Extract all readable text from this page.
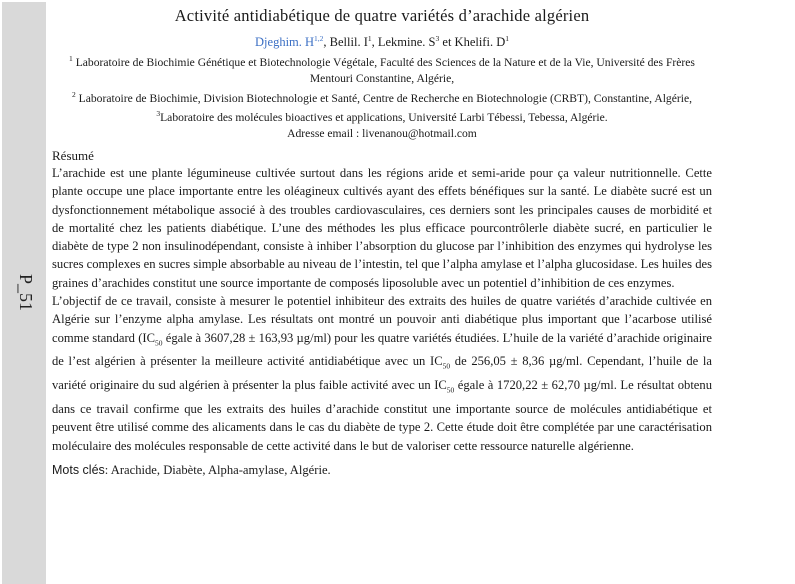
P_51
Activité antidiabétique de quatre variétés d’arachide algérien
Djeghim. H$^{1,2}$, Bellil. $I^1$, Lekmine. $S^3$ et Khelifi. $D^1$

$^1$ Laboratoire de Biochimie Génétique et Biotechnologie Végétale, Faculté des Sciences de la Nature et de la Vie, Université des Frères Mentouri Constantine, Algérie,

$^2$ Laboratoire de Biochimie, Division Biotechnologie et Santé, Centre de Recherche en Biotechnologie (CRBT), Constantine, Algérie, $^3$Laboratoire des molécules bioactives et applications, Université Larbi Tébessi, Tebessa, Algérie.

Adresse email : livenanou@hotmail.com
Résumé

L’arachide est une plante légumineuse cultivée surtout dans les régions aride et semi-aride pour ça valeur nutritionnelle. Cette plante occupe une place importante entre les oléagineux cultivés ayant des effets bénéfiques sur la santé. Le diabète sucré est un dysfonctionnement métabolique associé à des troubles cardiovasculaires, ces derniers sont les principales causes de morbidité et de mortalité chez les patients diabétique. L’une des méthodes les plus efficace pourcontrôlerle diabète sucré, en particulier le diabète de type 2 non insulinodépendant, consiste à inhiber l’absorption du glucose par l’inhibition des enzymes qui hydrolyse les sucres complexes en sucres simple absorbable au niveau de l’intestin, tel que l’alpha amylase et l’alpha glucosidase. Les huiles des graines d’arachides constitut une source importante de composés liposoluble avec un potentiel d’inhibition de ces enzymes.

L’objectif de ce travail, consiste à mesurer le potentiel inhibiteur des extraits des huiles de quatre variétés d’arachide cultivée en Algérie sur l’enzyme alpha amylase. Les résultats ont montré un pouvoir anti diabétique plus important que l’acarbose utilisé comme standard ($IC_{50}$ égale à 3607,28 ± 163,93 µg/ml) pour les quatre variétés étudiées. L’huile de la variété d’arachide originaire de l’est algérien à présenter la meilleure activité antidiabétique avec un $IC_{50}$ de 256,05 ± 8,36 µg/ml. Cependant, l’huile de la variété originaire du sud algérien à présenter la plus faible activité avec un $IC_{50}$ égale à 1720,22 ± 62,70 µg/ml. Le résultat obtenu dans ce travail confirme que les extraits des huiles d’arachide constitut une importante source de molécules antidiabétique et peuvent être utilisé comme des alicaments dans le cas du diabète de type 2. Cette étude doit être complétée par une caractérisation moléculaire des molécules responsable de cette activité dans le but de valoriser cette ressource naturelle algérienne.

Mots clés: Arachide, Diabète, Alpha-amylase, Algérie.
